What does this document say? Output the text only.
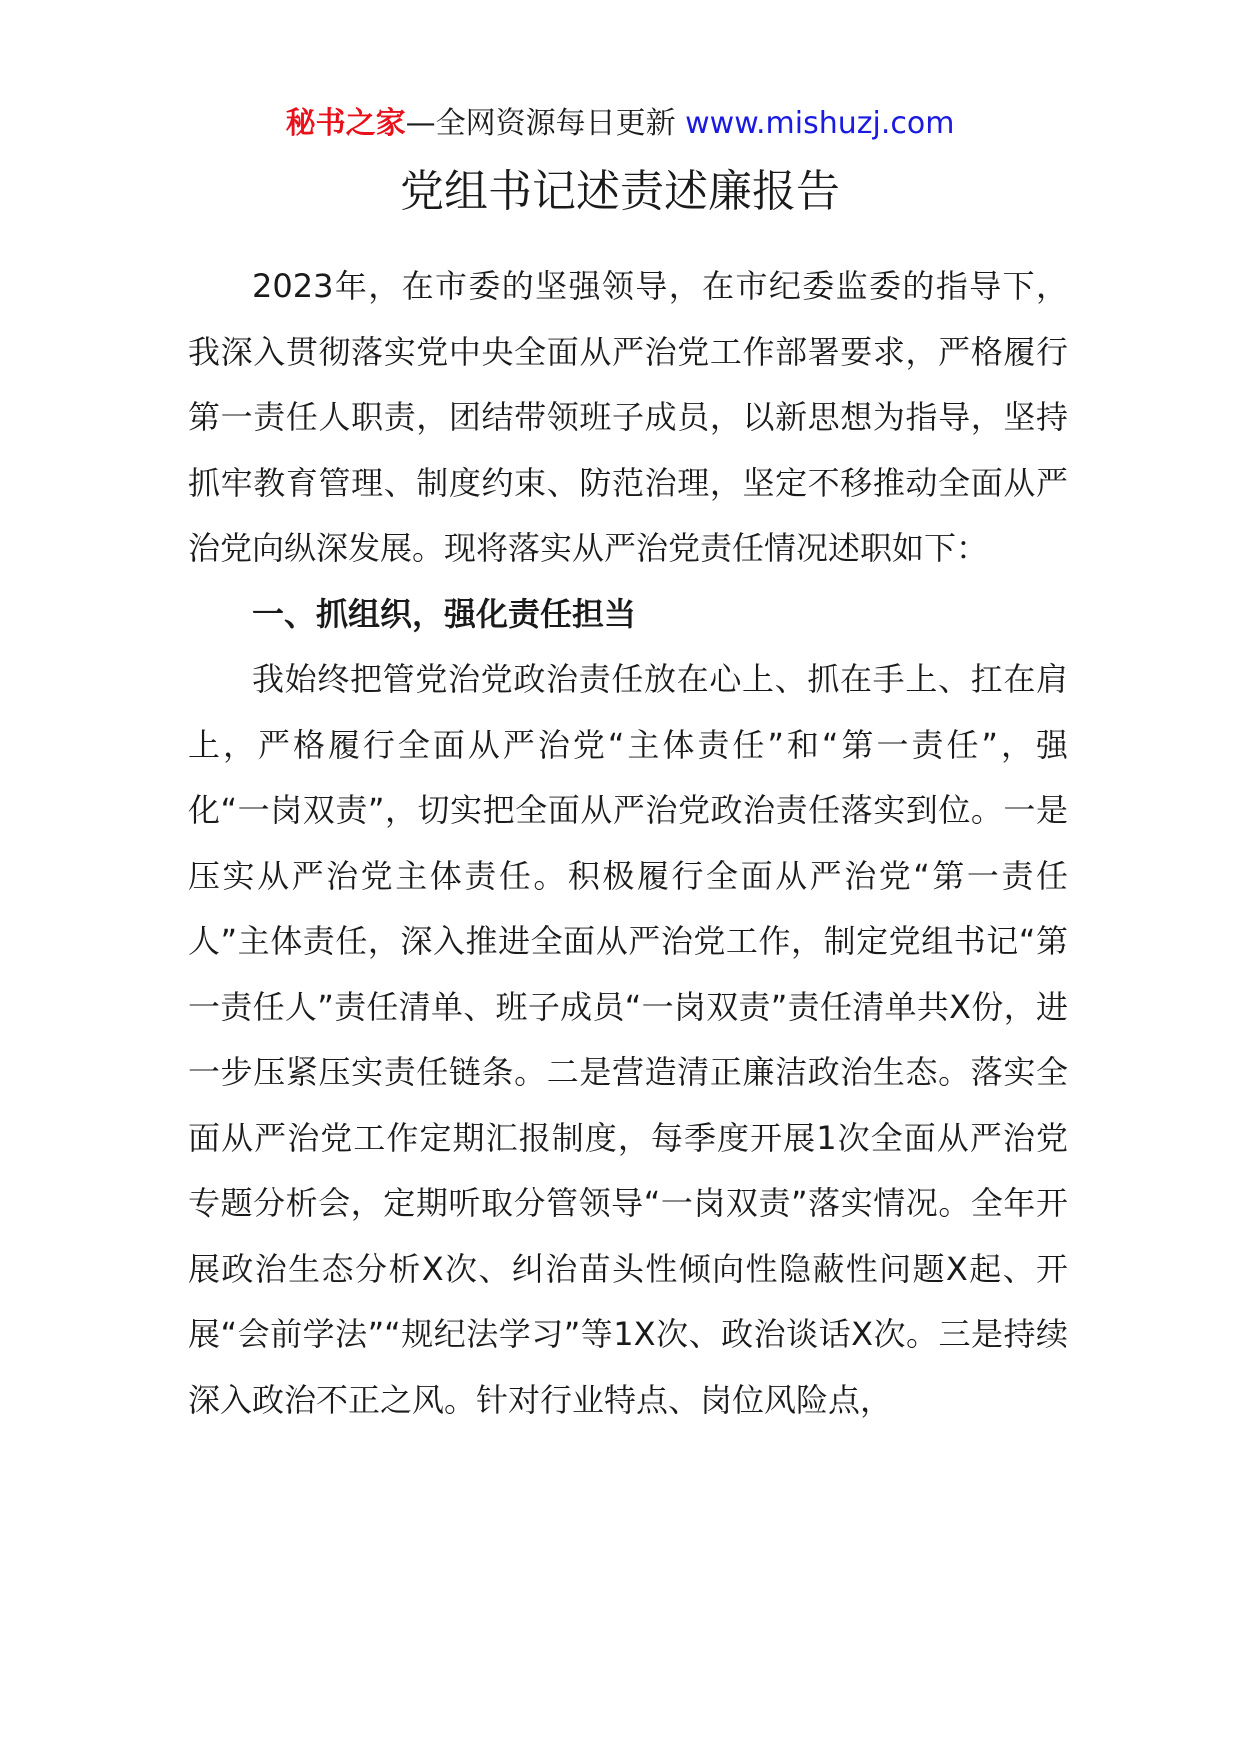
秘书之家—全网资源每日更新 www.mishuzj.com
党组书记述责述廉报告

2023年，在市委的坚强领导，在市纪委监委的指导下，我深入贯彻落实党中央全面从严治党工作部署要求，严格履行第一责任人职责，团结带领班子成员，以新思想为指导，坚持抓牢教育管理、制度约束、防范治理，坚定不移推动全面从严治党向纵深发展。现将落实从严治党责任情况述职如下：

一、抓组织，强化责任担当

我始终把管党治党政治责任放在心上、抓在手上、扛在肩上，严格履行全面从严治党“主体责任”和“第一责任”，强化“一岗双责”，切实把全面从严治党政治责任落实到位。一是压实从严治党主体责任。积极履行全面从严治党“第一责任人”主体责任，深入推进全面从严治党工作，制定党组书记“第一责任人”责任清单、班子成员“一岗双责”责任清单共X份，进一步压紧压实责任链条。二是营造清正廉洁政治生态。落实全面从严治党工作定期汇报制度，每季度开展1次全面从严治党专题分析会，定期听取分管领导“一岗双责”落实情况。全年开展政治生态分析X次、纠治苗头性倾向性隐蔽性问题X起、开展“会前学法”“规纪法学习”等1X次、政治谈话X次。三是持续深入政治不正之风。针对行业特点、岗位风险点，
